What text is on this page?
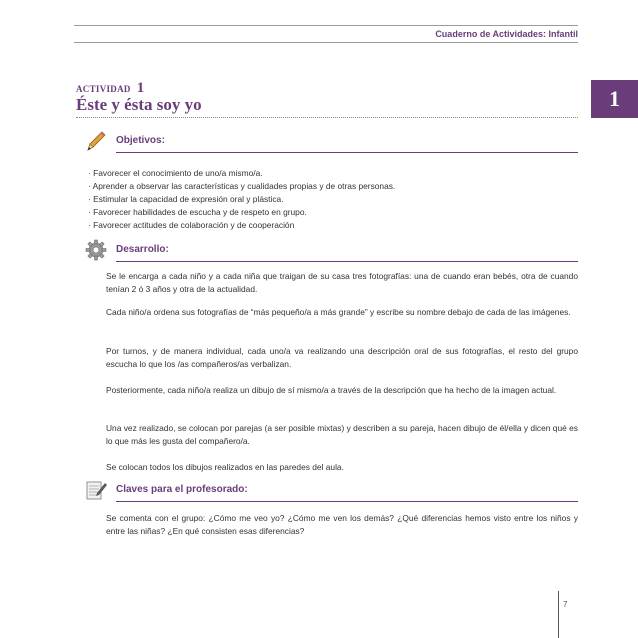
Cuaderno de Actividades: Infantil
ACTIVIDAD 1
Éste y ésta soy yo	1
Objetivos:
· Favorecer el conocimiento de uno/a mismo/a.
· Aprender a observar las características y cualidades propias y de otras personas.
· Estimular la capacidad de expresión oral y plástica.
· Favorecer habilidades de escucha y de respeto en grupo.
· Favorecer actitudes de colaboración y de cooperación
Desarrollo:

Se le encarga a cada niño y a cada niña que traigan de su casa tres fotografías: una de cuando eran bebés, otra de cuando tenían 2 ó 3 años y otra de la actualidad.

Cada niño/a ordena sus fotografías de “más pequeño/a a más grande” y escribe su nombre debajo de cada de las imágenes.

Por turnos, y de manera individual, cada uno/a va realizando una descripción oral de sus fotografías, el resto del grupo escucha lo que los /as compañeros/as verbalizan.

Posteriormente, cada niño/a realiza un dibujo de sí mismo/a a través de la descripción que ha hecho de la imagen actual.

Una vez realizado, se colocan por parejas (a ser posible mixtas) y describen a su pareja, hacen dibujo de él/ella y dicen qué es lo que más les gusta del compañero/a.

Se colocan todos los dibujos realizados en las paredes del aula.

Claves para el profesorado:

Se comenta con el grupo: ¿Cómo me veo yo? ¿Cómo me ven los demás? ¿Qué diferencias hemos visto entre los niños y entre las niñas? ¿En qué consisten esas diferencias?

7
